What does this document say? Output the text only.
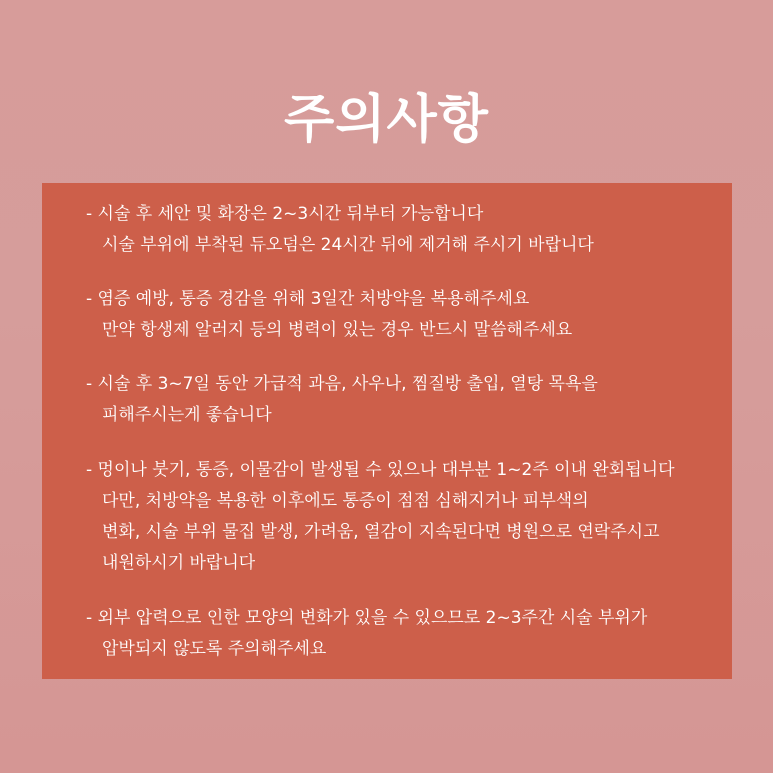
주의사항
- 시술 후 세안 및 화장은 2~3시간 뒤부터 가능합니다
시술 부위에 부착된 듀오덤은 24시간 뒤에 제거해 주시기 바랍니다
- 염증 예방, 통증 경감을 위해 3일간 처방약을 복용해주세요
만약 항생제 알러지 등의 병력이 있는 경우 반드시 말씀해주세요
- 시술 후 3~7일 동안 가급적 과음, 사우나, 찜질방 출입, 열탕 목욕을
피해주시는게 좋습니다
- 멍이나 붓기, 통증, 이물감이 발생될 수 있으나 대부분 1~2주 이내 완회됩니다
다만, 처방약을 복용한 이후에도 통증이 점점 심해지거나 피부색의
변화, 시술 부위 물집 발생, 가려움, 열감이 지속된다면 병원으로 연락주시고
내원하시기 바랍니다
- 외부 압력으로 인한 모양의 변화가 있을 수 있으므로 2~3주간 시술 부위가
압박되지 않도록 주의해주세요
